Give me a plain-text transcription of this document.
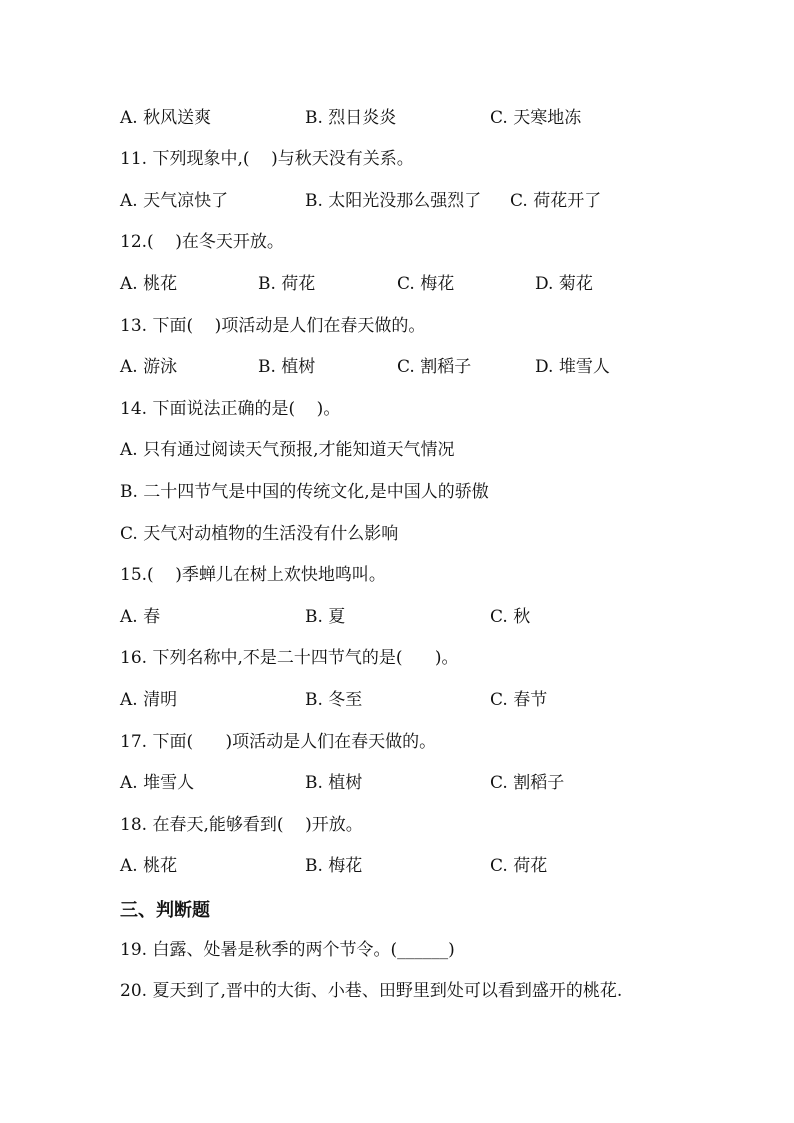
A. 秋风送爽	B. 烈日炎炎	C. 天寒地冻
11. 下列现象中,(    )与秋天没有关系。
A. 天气凉快了	B. 太阳光没那么强烈了 C. 荷花开了
12.(    )在冬天开放。
A. 桃花	B. 荷花	C. 梅花	D. 菊花
13. 下面(    )项活动是人们在春天做的。
A. 游泳	B. 植树	C. 割稻子	D. 堆雪人
14. 下面说法正确的是(    )。
A. 只有通过阅读天气预报,才能知道天气情况
B. 二十四节气是中国的传统文化,是中国人的骄傲
C. 天气对动植物的生活没有什么影响
15.(    )季蝉儿在树上欢快地鸣叫。
A. 春	B. 夏	C. 秋
16. 下列名称中,不是二十四节气的是(      )。
A. 清明	B. 冬至	C. 春节
17. 下面(      )项活动是人们在春天做的。
A. 堆雪人	B. 植树	C. 割稻子
18. 在春天,能够看到(    )开放。
A. 桃花	B. 梅花	C. 荷花
三、判断题
19. 白露、处暑是秋季的两个节令。(______)
20. 夏天到了,晋中的大街、小巷、田野里到处可以看到盛开的桃花.
